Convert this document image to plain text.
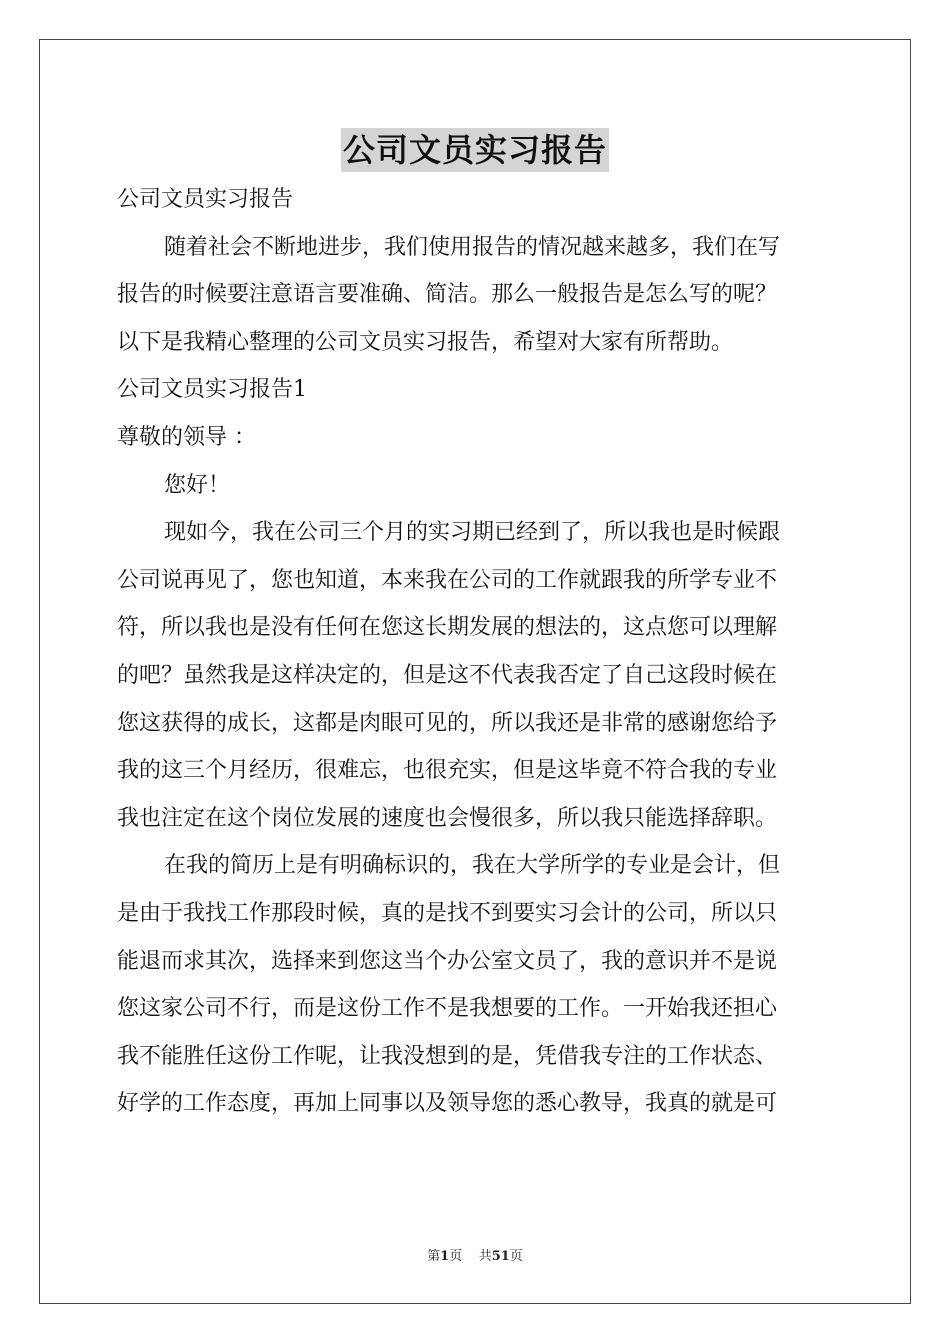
公司文员实习报告

公司文员实习报告

随着社会不断地进步，我们使用报告的情况越来越多，我们在写

报告的时候要注意语言要准确、简洁。那么一般报告是怎么写的呢？

以下是我精心整理的公司文员实习报告，希望对大家有所帮助。

公司文员实习报告1

尊敬的领导 ：

您好！

现如今，我在公司三个月的实习期已经到了，所以我也是时候跟

公司说再见了，您也知道，本来我在公司的工作就跟我的所学专业不

符，所以我也是没有任何在您这长期发展的想法的，这点您可以理解

的吧？虽然我是这样决定的，但是这不代表我否定了自己这段时候在

您这获得的成长，这都是肉眼可见的，所以我还是非常的感谢您给予

我的这三个月经历，很难忘，也很充实，但是这毕竟不符合我的专业

我也注定在这个岗位发展的速度也会慢很多，所以我只能选择辞职。

在我的简历上是有明确标识的，我在大学所学的专业是会计，但

是由于我找工作那段时候，真的是找不到要实习会计的公司，所以只

能退而求其次，选择来到您这当个办公室文员了，我的意识并不是说

您这家公司不行，而是这份工作不是我想要的工作。一开始我还担心

我不能胜任这份工作呢，让我没想到的是，凭借我专注的工作状态、

好学的工作态度，再加上同事以及领导您的悉心教导，我真的就是可

第1页 共51页
